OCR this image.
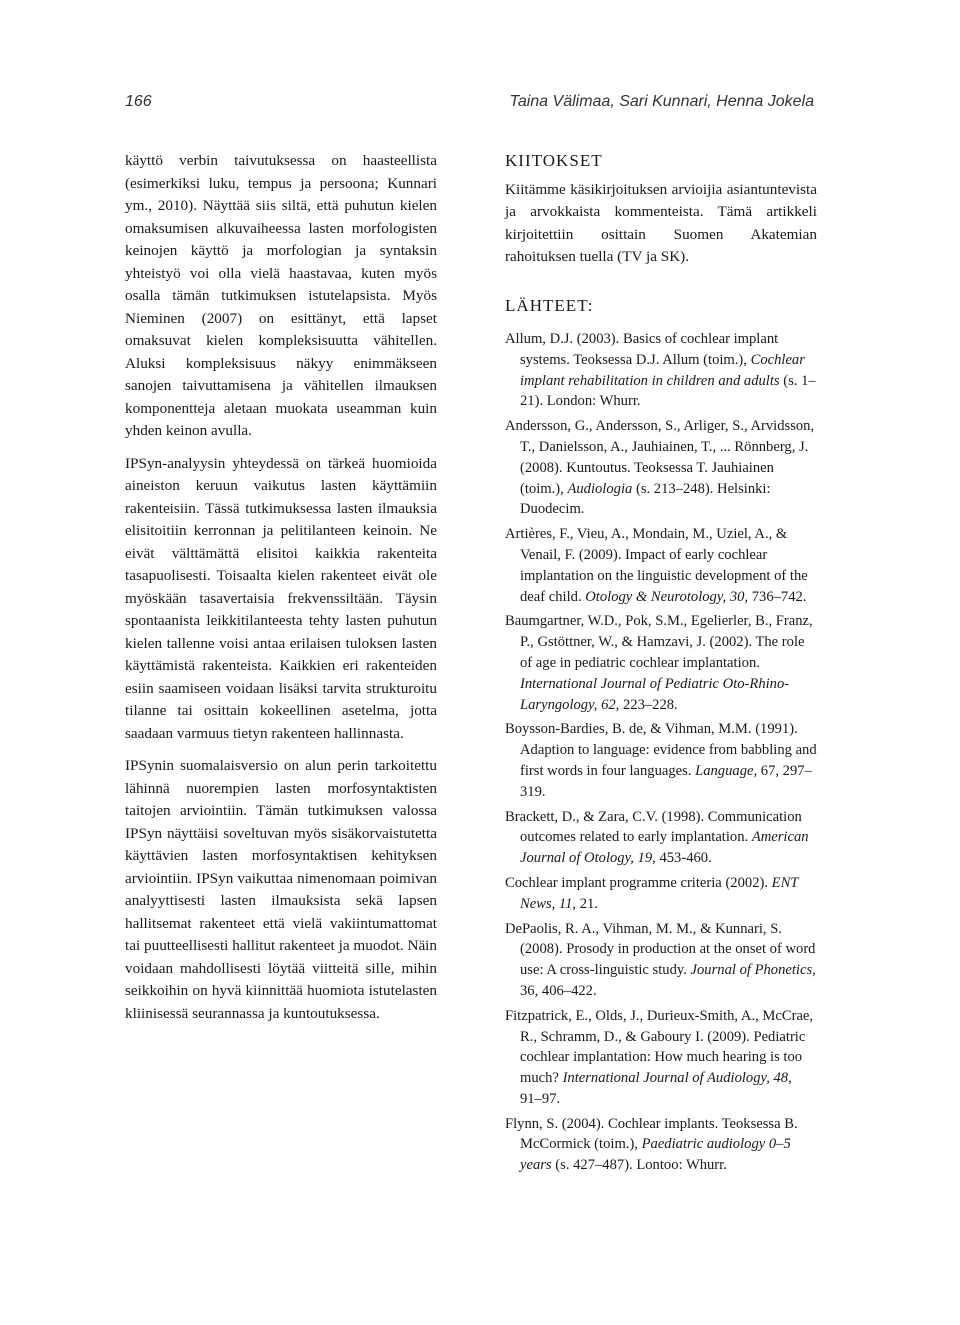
166	Taina Välimaa, Sari Kunnari, Henna Jokela

käyttö verbin taivutuksessa on haasteellista (esimerkiksi luku, tempus ja persoona; Kunnari ym., 2010). Näyttää siis siltä, että puhutun kielen omaksumisen alkuvaiheessa lasten morfologisten keinojen käyttö ja morfologian ja syntaksin yhteistyö voi olla vielä haastavaa, kuten myös osalla tämän tutkimuksen istutelapsista. Myös Nieminen (2007) on esittänyt, että lapset omaksuvat kielen kompleksisuutta vähitellen. Aluksi kompleksisuus näkyy enimmäkseen sanojen taivuttamisena ja vähitellen ilmauksen komponentteja aletaan muokata useamman kuin yhden keinon avulla.

IPSyn-analyysin yhteydessä on tärkeä huomioida aineiston keruun vaikutus lasten käyttämiin rakenteisiin. Tässä tutkimuksessa lasten ilmauksia elisitoitiin kerronnan ja pelitilanteen keinoin. Ne eivät välttämättä elisitoi kaikkia rakenteita tasapuolisesti. Toisaalta kielen rakenteet eivät ole myöskään tasavertaisia frekvenssiltään. Täysin spontaanista leikkitilanteesta tehty lasten puhutun kielen tallenne voisi antaa erilaisen tuloksen lasten käyttämistä rakenteista. Kaikkien eri rakenteiden esiin saamiseen voidaan lisäksi tarvita strukturoitu tilanne tai osittain kokeellinen asetelma, jotta saadaan varmuus tietyn rakenteen hallinnasta.

IPSynin suomalaisversio on alun perin tarkoitettu lähinnä nuorempien lasten morfosyntaktisten taitojen arviointiin. Tämän tutkimuksen valossa IPSyn näyttäisi soveltuvan myös sisäkorvaistutetta käyttävien lasten morfosyntaktisen kehityksen arviointiin. IPSyn vaikuttaa nimenomaan poimivan analyyttisesti lasten ilmauksista sekä lapsen hallitsemat rakenteet että vielä vakiintumattomat tai puutteellisesti hallitut rakenteet ja muodot. Näin voidaan mahdollisesti löytää viitteitä sille, mihin seikkoihin on hyvä kiinnittää huomiota istutelasten kliinisessä seurannassa ja kuntoutuksessa.

KIITOKSET

Kiitämme käsikirjoituksen arvioijia asiantuntevista ja arvokkaista kommenteista. Tämä artikkeli kirjoitettiin osittain Suomen Akatemian rahoituksen tuella (TV ja SK).

LÄHTEET:
Allum, D.J. (2003). Basics of cochlear implant systems. Teoksessa D.J. Allum (toim.), Cochlear implant rehabilitation in children and adults (s. 1–21). London: Whurr.
Andersson, G., Andersson, S., Arliger, S., Arvidsson, T., Danielsson, A., Jauhiainen, T., ... Rönnberg, J. (2008). Kuntoutus. Teoksessa T. Jauhiainen (toim.), Audiologia (s. 213–248). Helsinki: Duodecim.
Artières, F., Vieu, A., Mondain, M., Uziel, A., & Venail, F. (2009). Impact of early cochlear implantation on the linguistic development of the deaf child. Otology & Neurotology, 30, 736–742.
Baumgartner, W.D., Pok, S.M., Egelierler, B., Franz, P., Gstöttner, W., & Hamzavi, J. (2002). The role of age in pediatric cochlear implantation. International Journal of Pediatric Oto-Rhino-Laryngology, 62, 223–228.
Boysson-Bardies, B. de, & Vihman, M.M. (1991). Adaption to language: evidence from babbling and first words in four languages. Language, 67, 297–319.
Brackett, D., & Zara, C.V. (1998). Communication outcomes related to early implantation. American Journal of Otology, 19, 453-460.
Cochlear implant programme criteria (2002). ENT News, 11, 21.
DePaolis, R. A., Vihman, M. M., & Kunnari, S. (2008). Prosody in production at the onset of word use: A cross-linguistic study. Journal of Phonetics, 36, 406–422.
Fitzpatrick, E., Olds, J., Durieux-Smith, A., McCrae, R., Schramm, D., & Gaboury I. (2009). Pediatric cochlear implantation: How much hearing is too much? International Journal of Audiology, 48, 91–97.
Flynn, S. (2004). Cochlear implants. Teoksessa B. McCormick (toim.), Paediatric audiology 0–5 years (s. 427–487). Lontoo: Whurr.
